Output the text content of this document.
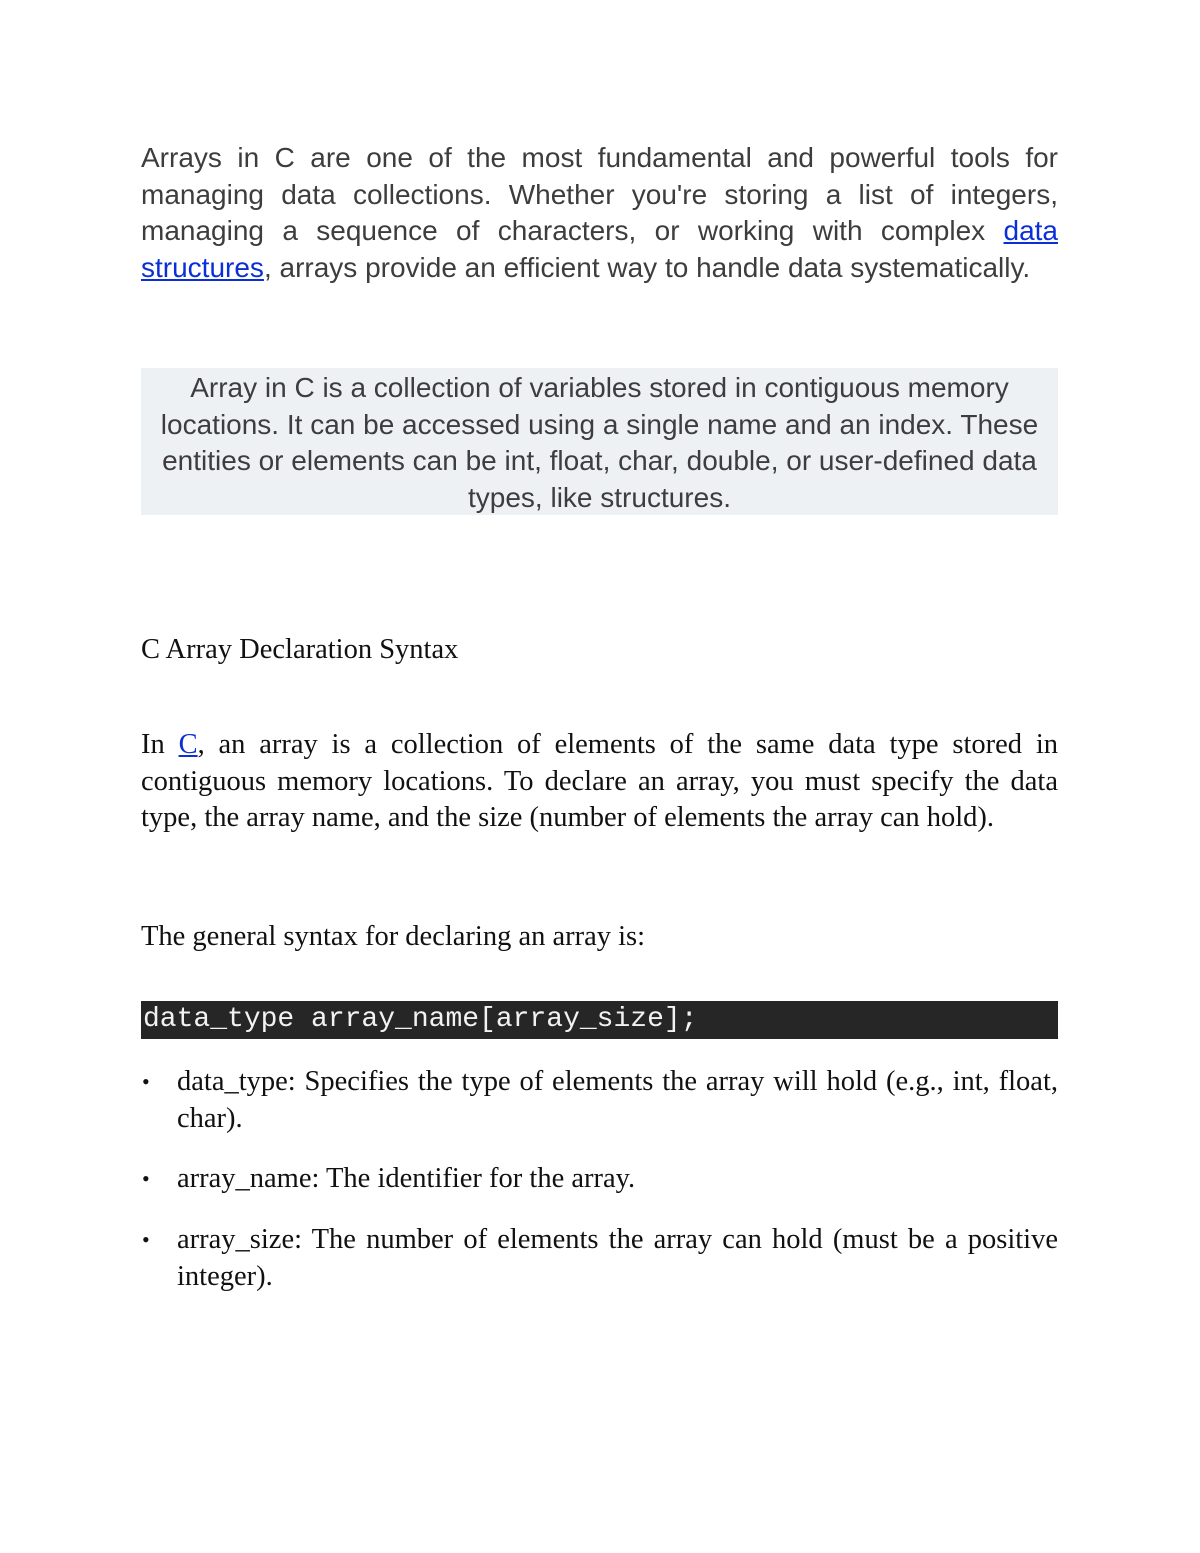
Arrays in C are one of the most fundamental and powerful tools for managing data collections. Whether you're storing a list of integers, managing a sequence of characters, or working with complex data structures, arrays provide an efficient way to handle data systematically.

Array in C is a collection of variables stored in contiguous memory locations. It can be accessed using a single name and an index. These entities or elements can be int, float, char, double, or user-defined data types, like structures.

C Array Declaration Syntax

In C, an array is a collection of elements of the same data type stored in contiguous memory locations. To declare an array, you must specify the data type, the array name, and the size (number of elements the array can hold).

The general syntax for declaring an array is:

data_type array_name[array_size];
• data_type: Specifies the type of elements the array will hold (e.g., int, float, char).
• array_name: The identifier for the array.
• array_size: The number of elements the array can hold (must be a positive integer).
